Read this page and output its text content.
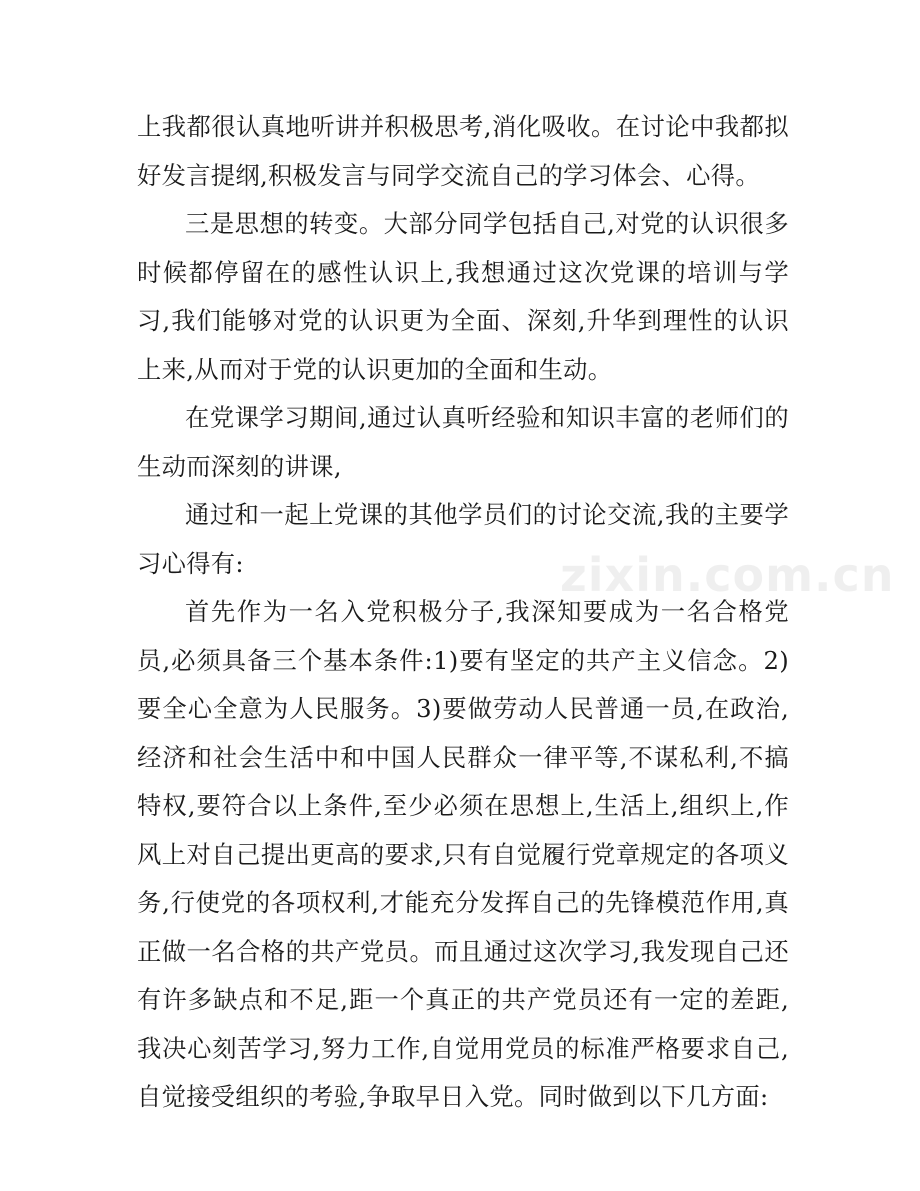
上我都很认真地听讲并积极思考,消化吸收。在讨论中我都拟好发言提纲,积极发言与同学交流自己的学习体会、心得。

三是思想的转变。大部分同学包括自己,对党的认识很多时候都停留在的感性认识上,我想通过这次党课的培训与学习,我们能够对党的认识更为全面、深刻,升华到理性的认识上来,从而对于党的认识更加的全面和生动。

在党课学习期间,通过认真听经验和知识丰富的老师们的生动而深刻的讲课,

通过和一起上党课的其他学员们的讨论交流,我的主要学习心得有:

首先作为一名入党积极分子,我深知要成为一名合格党员,必须具备三个基本条件:1)要有坚定的共产主义信念。2)要全心全意为人民服务。3)要做劳动人民普通一员,在政治,经济和社会生活中和中国人民群众一律平等,不谋私利,不搞特权,要符合以上条件,至少必须在思想上,生活上,组织上,作风上对自己提出更高的要求,只有自觉履行党章规定的各项义务,行使党的各项权利,才能充分发挥自己的先锋模范作用,真正做一名合格的共产党员。而且通过这次学习,我发现自己还有许多缺点和不足,距一个真正的共产党员还有一定的差距,我决心刻苦学习,努力工作,自觉用党员的标准严格要求自己,自觉接受组织的考验,争取早日入党。同时做到以下几方面:

zixin.com.cn
